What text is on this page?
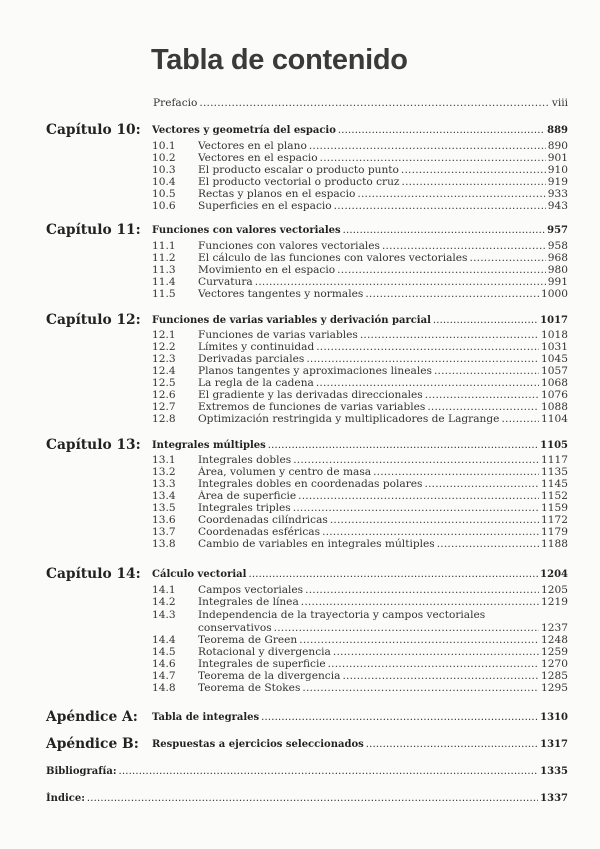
Tabla de contenido
Prefacio .....	viii
Capítulo 10: Vectores y geometría del espacio .....	889
10.1 Vectores en el plano .....	890
10.2 Vectores en el espacio .....	901
10.3 El producto escalar o producto punto .....	910
10.4 El producto vectorial o producto cruz .....	919
10.5 Rectas y planos en el espacio .....	933
10.6 Superficies en el espacio .....	943
Capítulo 11: Funciones con valores vectoriales .....	957
11.1 Funciones con valores vectoriales .....	958
11.2 El cálculo de las funciones con valores vectoriales .....	968
11.3 Movimiento en el espacio .....	980
11.4 Curvatura .....	991
11.5 Vectores tangentes y normales .....	1000
Capítulo 12: Funciones de varias variables y derivación parcial .....	1017
12.1 Funciones de varias variables .....	1018
12.2 Límites y continuidad .....	1031
12.3 Derivadas parciales .....	1045
12.4 Planos tangentes y aproximaciones lineales .....	1057
12.5 La regla de la cadena .....	1068
12.6 El gradiente y las derivadas direccionales .....	1076
12.7 Extremos de funciones de varias variables .....	1088
12.8 Optimización restringida y multiplicadores de Lagrange .....	1104
Capítulo 13: Integrales múltiples .....	1105
13.1 Integrales dobles .....	1117
13.2 Área, volumen y centro de masa .....	1135
13.3 Integrales dobles en coordenadas polares .....	1145
13.4 Área de superficie .....	1152
13.5 Integrales triples .....	1159
13.6 Coordenadas cilíndricas .....	1172
13.7 Coordenadas esféricas .....	1179
13.8 Cambio de variables en integrales múltiples .....	1188
Capítulo 14: Cálculo vectorial .....	1204
14.1 Campos vectoriales .....	1205
14.2 Integrales de línea .....	1219
14.3 Independencia de la trayectoria y campos vectoriales
conservativos .....	1237
14.4 Teorema de Green .....	1248
14.5 Rotacional y divergencia .....	1259
14.6 Integrales de superficie .....	1270
14.7 Teorema de la divergencia .....	1285
14.8 Teorema de Stokes .....	1295
Apéndice A: Tabla de integrales .....	1310
Apéndice B: Respuestas a ejercicios seleccionados .....	1317
Bibliografía: .....	1335
Índice: .....	1337
